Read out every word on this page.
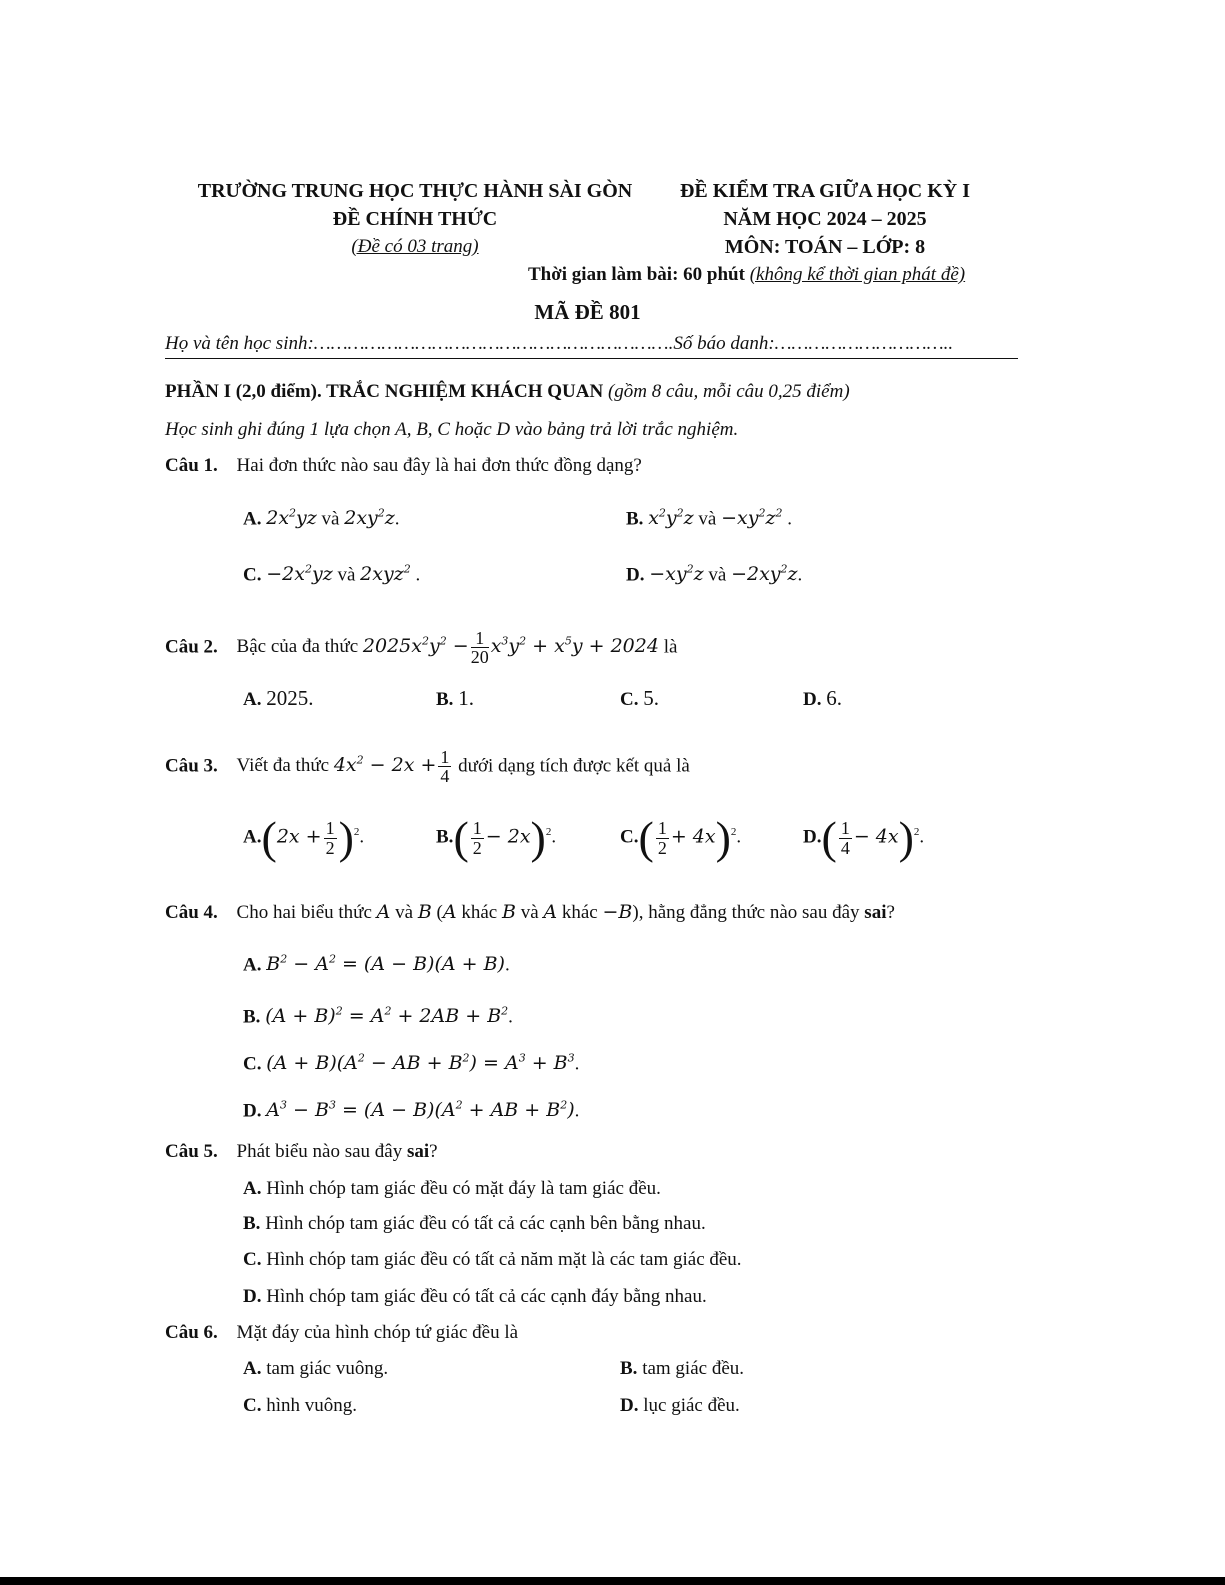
TRƯỜNG TRUNG HỌC THỰC HÀNH SÀI GÒN
ĐỀ CHÍNH THỨC
(Đề có 03 trang)
ĐỀ KIỂM TRA GIỮA HỌC KỲ I
NĂM HỌC 2024 – 2025
MÔN: TOÁN – LỚP: 8
Thời gian làm bài: 60 phút (không kể thời gian phát đề)
MÃ ĐỀ 801
Họ và tên học sinh:……………………………………………………….Số báo danh:…………………………..
PHẦN I (2,0 điểm). TRẮC NGHIỆM KHÁCH QUAN (gồm 8 câu, mỗi câu 0,25 điểm)
Học sinh ghi đúng 1 lựa chọn A, B, C hoặc D vào bảng trả lời trắc nghiệm.
Câu 1. Hai đơn thức nào sau đây là hai đơn thức đồng dạng?
A. $2x^2yz$ và $2xy^2z$.	B. $x^2y^2z$ và $-xy^2z^2$ .
C. $-2x^2yz$ và 2xyz$^2$ .	D. $-xy^2z$ và $-2xy^2z$.
Câu 2. Bậc của đa thức $2025x^2y^2 - \frac{1}{20} x^3y^2 + x^5y + 2024$ là
A. 2025.	B. 1.	C. 5.	D. 6.
Câu 3. Viết đa thức $4x^2 - 2x + \frac{1}{4}$ dưới dạng tích được kết quả là
$A.(2x + \frac{1}{2} )^2$.	$B.( \frac{1}{2} - 2x)^2$.	$C.( \frac{1}{2} + 4x)^2$.	$D.( \frac{1}{4} - 4x)^2$.
Câu 4. Cho hai biểu thức A và B (A khác B và A khác −B), hằng đẳng thức nào sau đây sai?
A. $B^2 - A^2 = (A - B)(A + B)$.
B. $(A + B)^2 = A^2 + 2AB + B^2$.
C. $(A + B)(A^2$ − AB + $B^2) = A^3 + B^3$.
D. $A^3 - B^3 = (A - B)(A^2$ + AB + $B^2$).
Câu 5. Phát biểu nào sau đây sai?
A. Hình chóp tam giác đều có mặt đáy là tam giác đều.
B. Hình chóp tam giác đều có tất cả các cạnh bên bằng nhau.
C. Hình chóp tam giác đều có tất cả năm mặt là các tam giác đều.
D. Hình chóp tam giác đều có tất cả các cạnh đáy bằng nhau.
Câu 6. Mặt đáy của hình chóp tứ giác đều là
A. tam giác vuông.	B. tam giác đều.
C. hình vuông.	D. lục giác đều.
